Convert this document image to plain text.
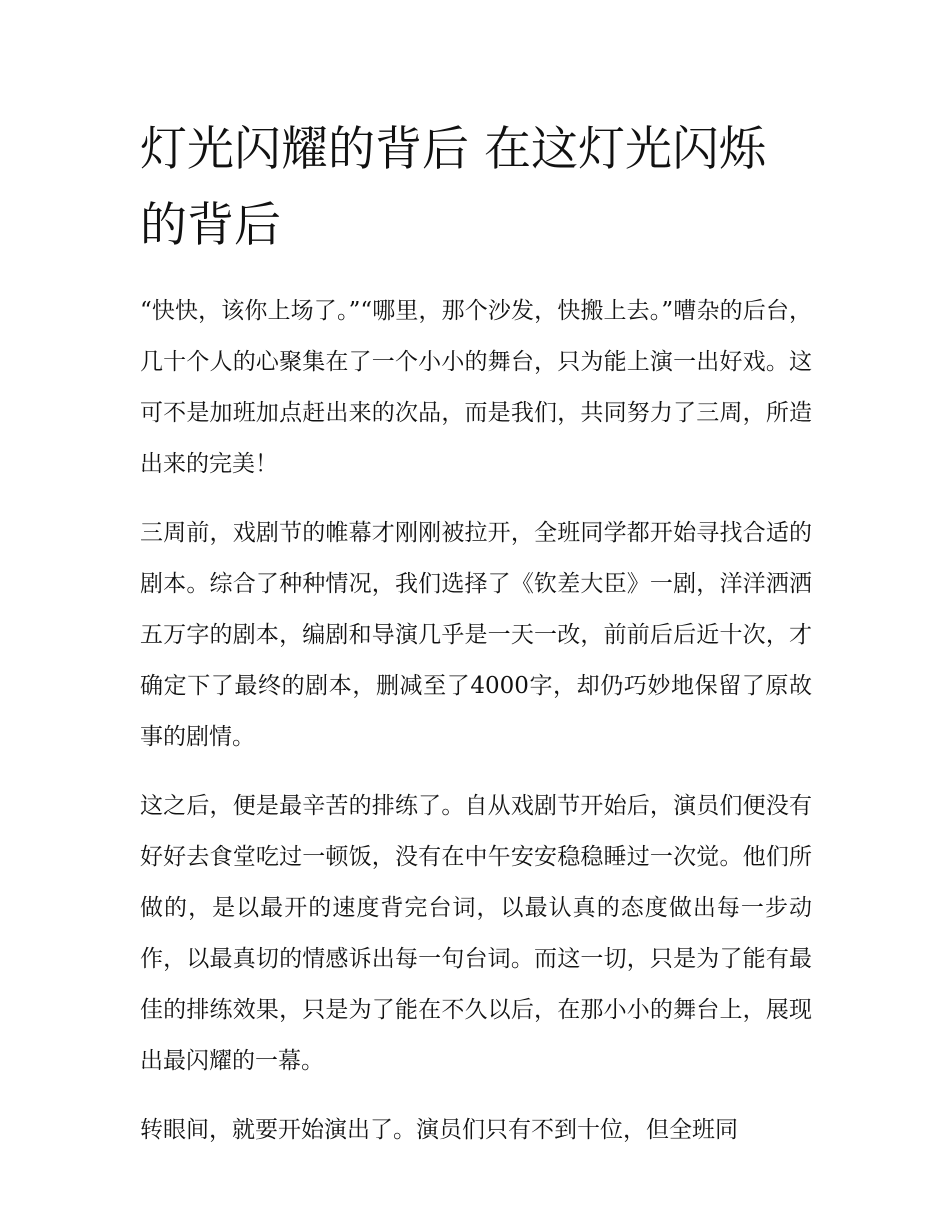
灯光闪耀的背后 在这灯光闪烁的背后

“快快，该你上场了。”“哪里，那个沙发，快搬上去。”嘈杂的后台，几十个人的心聚集在了一个小小的舞台，只为能上演一出好戏。这可不是加班加点赶出来的次品，而是我们，共同努力了三周，所造出来的完美！

三周前，戏剧节的帷幕才刚刚被拉开，全班同学都开始寻找合适的剧本。综合了种种情况，我们选择了《钦差大臣》一剧，洋洋洒洒五万字的剧本，编剧和导演几乎是一天一改，前前后后近十次，才确定下了最终的剧本，删减至了4000字，却仍巧妙地保留了原故事的剧情。

这之后，便是最辛苦的排练了。自从戏剧节开始后，演员们便没有好好去食堂吃过一顿饭，没有在中午安安稳稳睡过一次觉。他们所做的，是以最开的速度背完台词，以最认真的态度做出每一步动作，以最真切的情感诉出每一句台词。而这一切，只是为了能有最佳的排练效果，只是为了能在不久以后，在那小小的舞台上，展现出最闪耀的一幕。

转眼间，就要开始演出了。演员们只有不到十位，但全班同
